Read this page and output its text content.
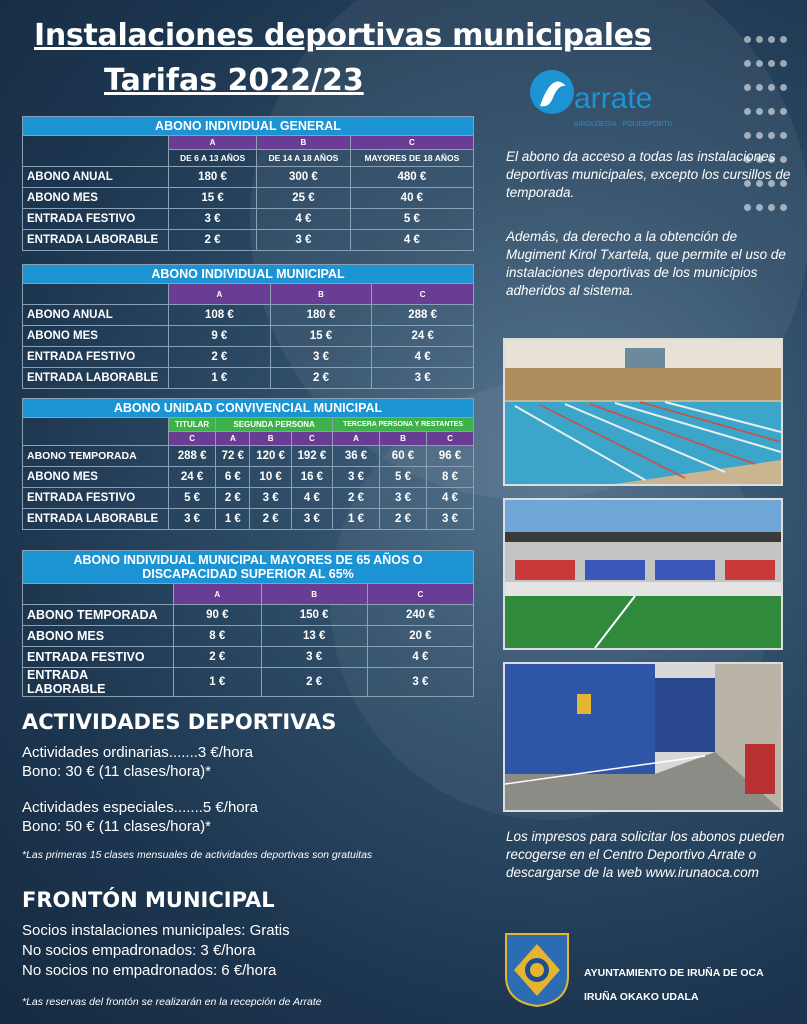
Instalaciones deportivas municipales
Tarifas 2022/23
arrate
KIROLDEGIA · POLIDEPORTIVO
El abono da acceso a todas las instalaciones deportivas municipales, excepto los cursillos de temporada.
Además, da derecho a la obtención de Mugiment Kirol Txartela, que permite el uso de instalaciones deportivas de los municipios adheridos al sistema.
Los impresos para solicitar los abonos pueden recogerse en el Centro Deportivo Arrate o descargarse de la web www.irunaoca.com
ABONO INDIVIDUAL GENERAL			
	A	B	C
	DE 6 A 13 AÑOS	DE 14 A 18 AÑOS	MAYORES DE 18 AÑOS
ABONO ANUAL	180 €	300 €	480 €
ABONO MES	15 €	25 €	40 €
ENTRADA FESTIVO	3 €	4 €	5 €
ENTRADA LABORABLE	2 €	3 €	4 €
ABONO INDIVIDUAL MUNICIPAL			
	A	B	C
ABONO ANUAL	108 €	180 €	288 €
ABONO MES	9 €	15 €	24 €
ENTRADA FESTIVO	2 €	3 €	4 €
ENTRADA LABORABLE	1 €	2 €	3 €
ABONO UNIDAD CONVIVENCIAL MUNICIPAL							
	TITULAR	SEGUNDA PERSONA			TERCERA PERSONA Y RESTANTES		
	C	A	B	C	A	B	C
ABONO TEMPORADA	288 €	72 €	120 €	192 €	36 €	60 €	96 €
ABONO MES	24 €	6 €	10 €	16 €	3 €	5 €	8 €
ENTRADA FESTIVO	5 €	2 €	3 €	4 €	2 €	3 €	4 €
ENTRADA LABORABLE	3 €	1 €	2 €	3 €	1 €	2 €	3 €
ABONO INDIVIDUAL MUNICIPAL MAYORES DE 65 AÑOS O DISCAPACIDAD SUPERIOR AL 65%			
	A	B	C
ABONO TEMPORADA	90 €	150 €	240 €
ABONO MES	8 €	13 €	20 €
ENTRADA FESTIVO	2 €	3 €	4 €
ENTRADA LABORABLE	1 €	2 €	3 €
ACTIVIDADES DEPORTIVAS
Actividades ordinarias.......3 €/hora
Bono: 30 € (11 clases/hora)*
Actividades especiales.......5 €/hora
Bono: 50 € (11 clases/hora)*
*Las primeras 15 clases mensuales de actividades deportivas son gratuitas
FRONTÓN MUNICIPAL
Socios instalaciones municipales: Gratis
No socios empadronados: 3 €/hora
No socios no empadronados: 6 €/hora
*Las reservas del frontón se realizarán en la recepción de Arrate
AYUNTAMIENTO DE IRUÑA DE OCA
IRUÑA OKAKO UDALA
